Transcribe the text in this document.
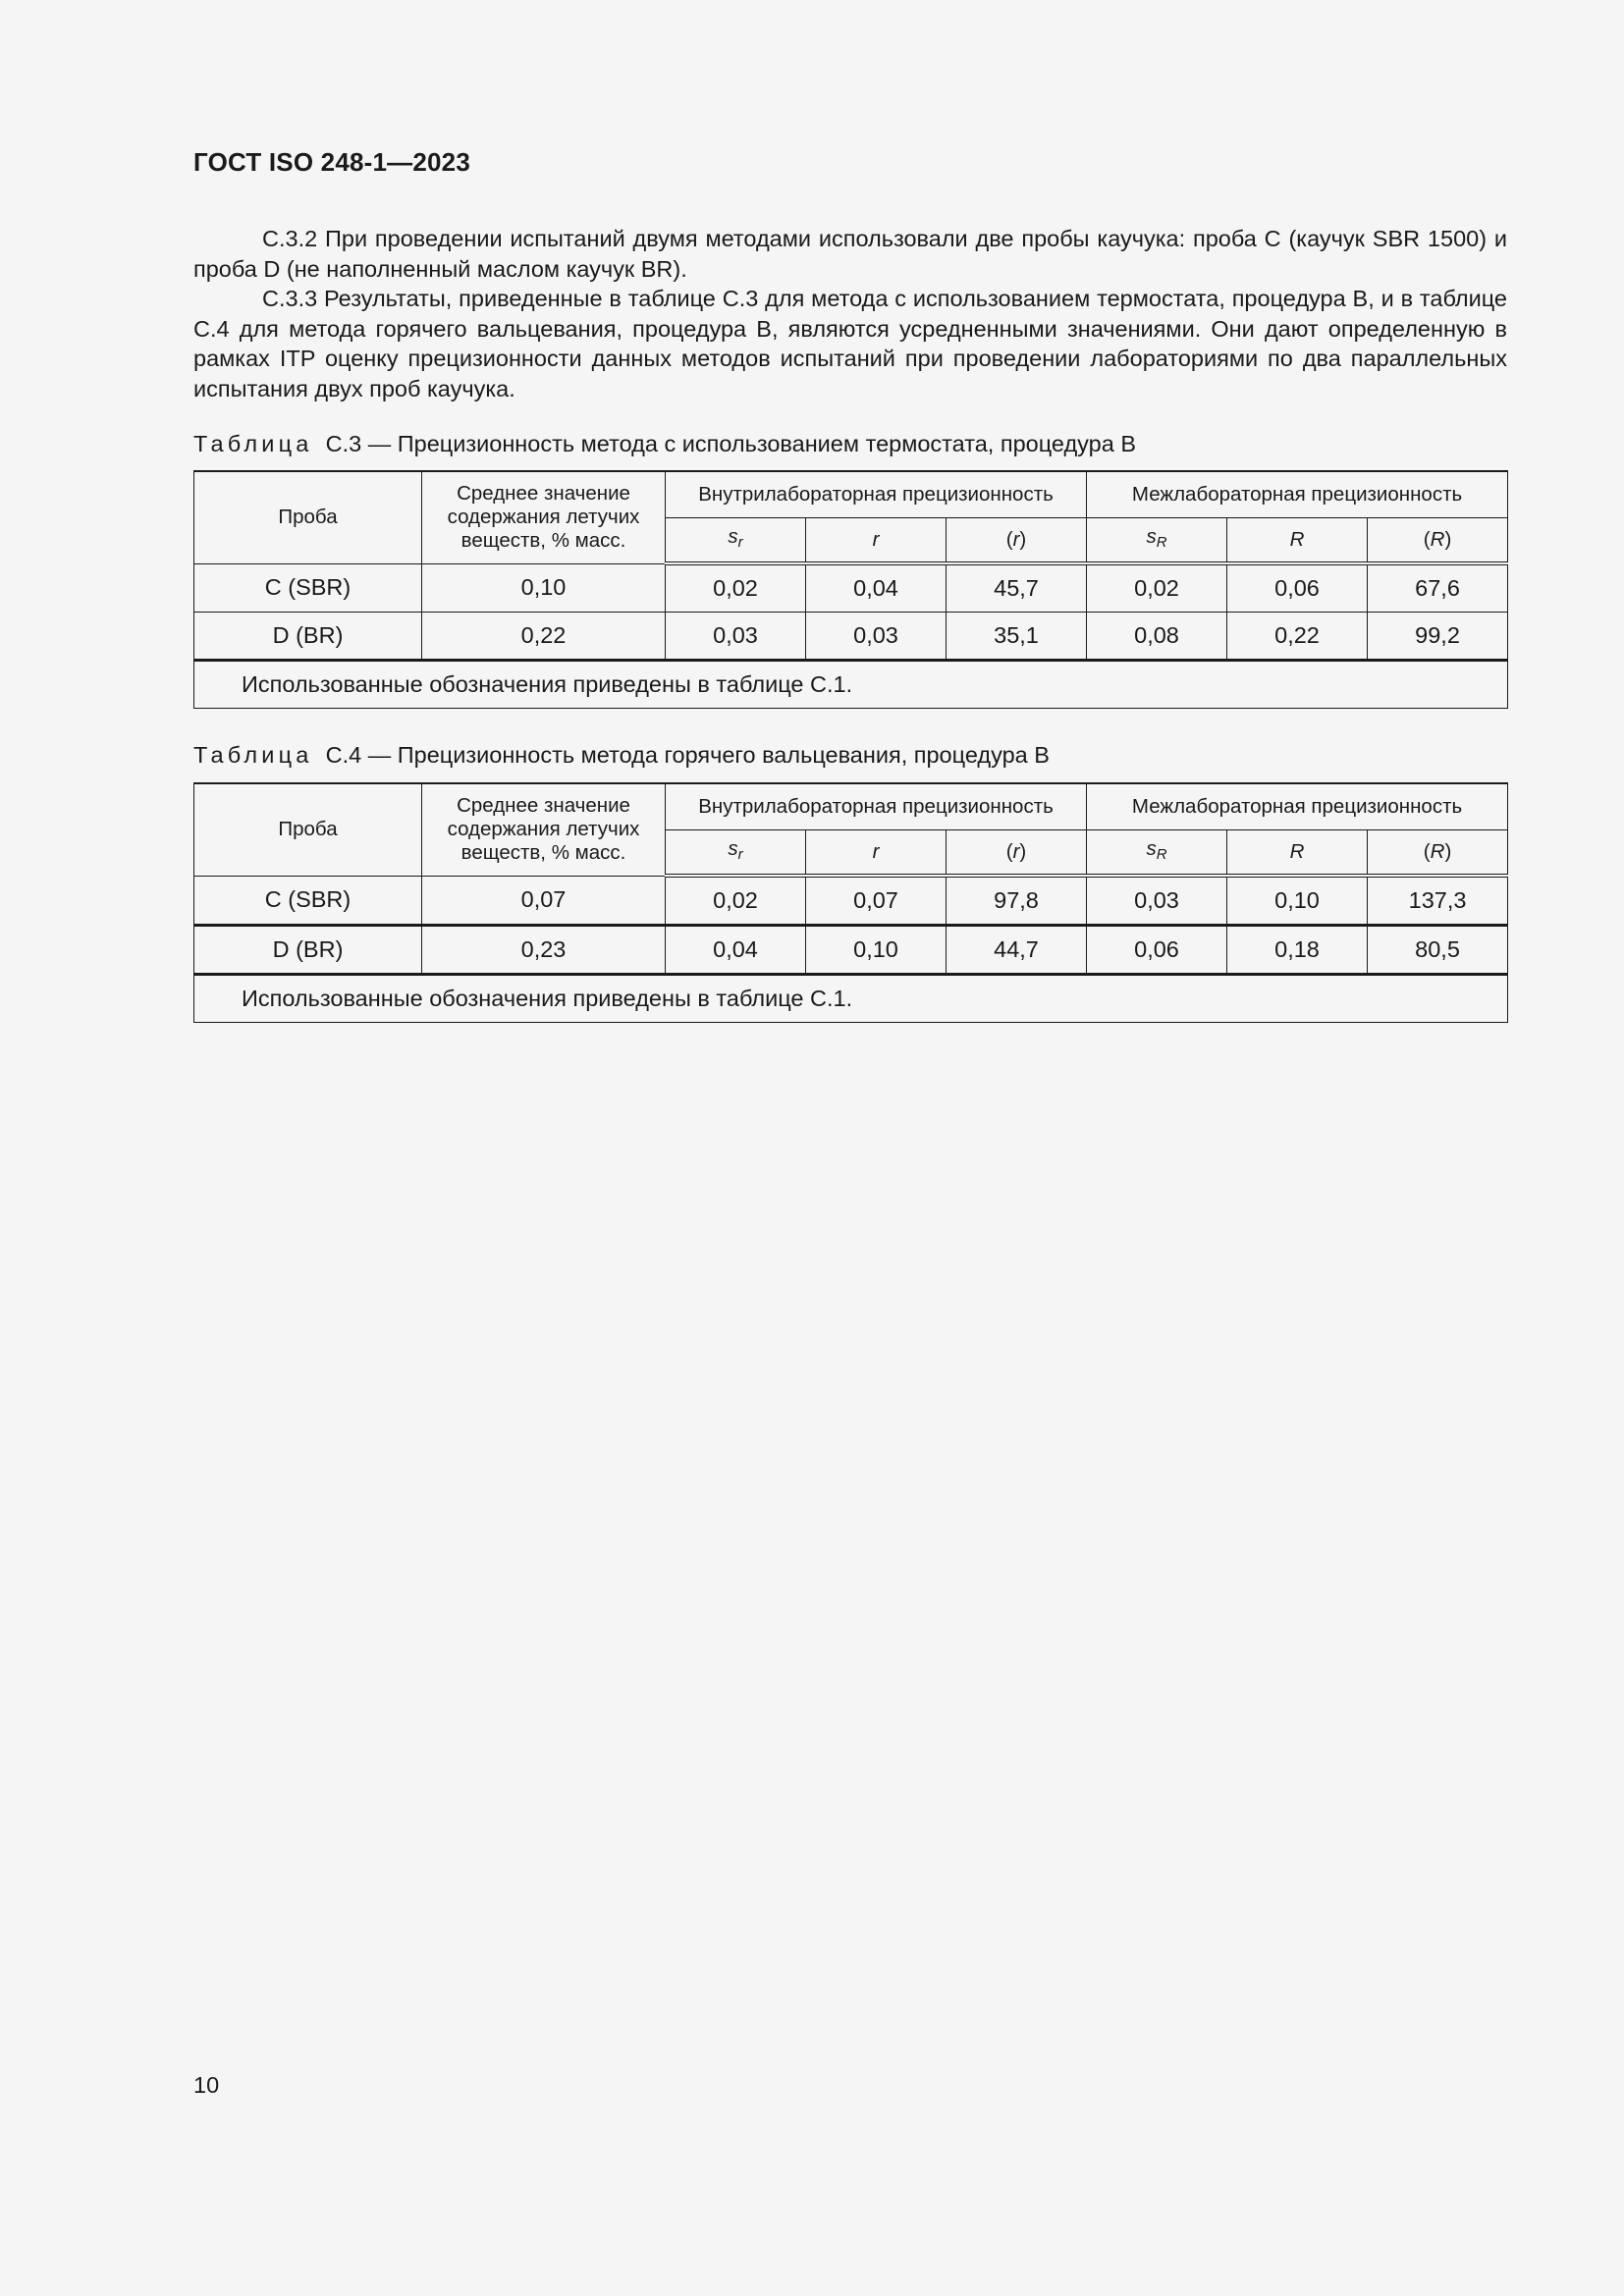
ГОСТ ISO 248-1—2023

C.3.2 При проведении испытаний двумя методами использовали две пробы каучука: проба C (каучук SBR 1500) и проба D (не наполненный маслом каучук BR).

C.3.3 Результаты, приведенные в таблице C.3 для метода с использованием термостата, процедура B, и в таблице C.4 для метода горячего вальцевания, процедура B, являются усредненными значениями. Они дают определенную в рамках ITP оценку прецизионности данных методов испытаний при проведении лабораториями по два параллельных испытания двух проб каучука.

Таблица C.3 — Прецизионность метода с использованием термостата, процедура B
Проба	Среднее значение содержания летучих веществ, % масс.	Внутрилабораторная прецизионность			Межлабораторная прецизионность		
		$s_r$	r	(r)	$s_R$	R	(R)
C (SBR)	0,10	0,02	0,04	45,7	0,02	0,06	67,6
D (BR)	0,22	0,03	0,03	35,1	0,08	0,22	99,2
Использованные обозначения приведены в таблице C.1.							
Таблица C.4 — Прецизионность метода горячего вальцевания, процедура B
Проба	Среднее значение содержания летучих веществ, % масс.	Внутрилабораторная прецизионность			Межлабораторная прецизионность		
		$s_r$	r	(r)	$s_R$	R	(R)
C (SBR)	0,07	0,02	0,07	97,8	0,03	0,10	137,3
D (BR)	0,23	0,04	0,10	44,7	0,06	0,18	80,5
Использованные обозначения приведены в таблице C.1.							
10
